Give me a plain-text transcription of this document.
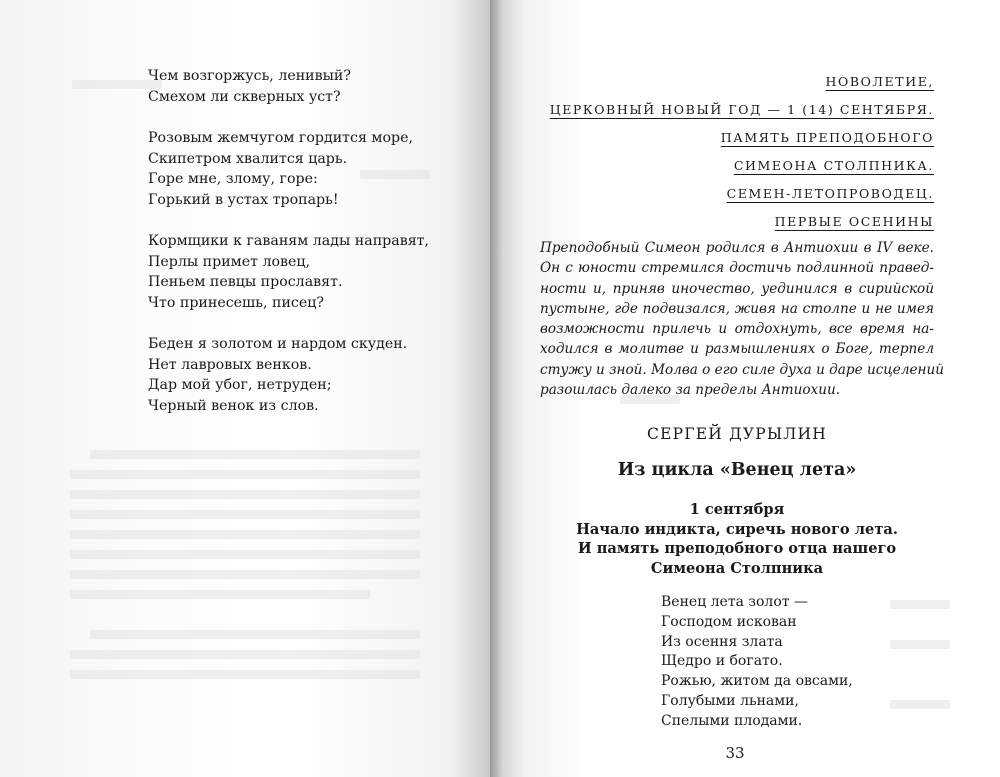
Чем возгоржусь, ленивый?
Смехом ли скверных уст?
Розовым жемчугом гордится море,
Скипетром хвалится царь.
Горе мне, злому, горе:
Горький в устах тропарь!
Кормщики к гаваням лады направят,
Перлы примет ловец,
Пеньем певцы прославят.
Что принесешь, писец?
Беден я золотом и нардом скуден.
Нет лавровых венков.
Дар мой убог, нетруден;
Черный венок из слов.
НОВОЛЕТИЕ,
ЦЕРКОВНЫЙ НОВЫЙ ГОД — 1 (14) СЕНТЯБРЯ.
ПАМЯТЬ ПРЕПОДОБНОГО
СИМЕОНА СТОЛПНИКА.
СЕМЕН-ЛЕТОПРОВОДЕЦ.
ПЕРВЫЕ ОСЕНИНЫ
Преподобный Симеон родился в Антиохии в IV веке.
Он с юности стремился достичь подлинной правед-
ности и, приняв иночество, уединился в сирийской
пустыне, где подвизался, живя на столпе и не имея
возможности прилечь и отдохнуть, все время на-
ходился в молитве и размышлениях о Боге, терпел
стужу и зной. Молва о его силе духа и даре исцелений
разошлась далеко за пределы Антиохии.
СЕРГЕЙ ДУРЫЛИН
Из цикла «Венец лета»
1 сентября
Начало индикта, сиречь нового лета.
И память преподобного отца нашего
Симеона Столпника
Венец лета золот —
Господом искован
Из осення злата
Щедро и богато.
Рожью, житом да овсами,
Голубыми льнами,
Спелыми плодами.
33
